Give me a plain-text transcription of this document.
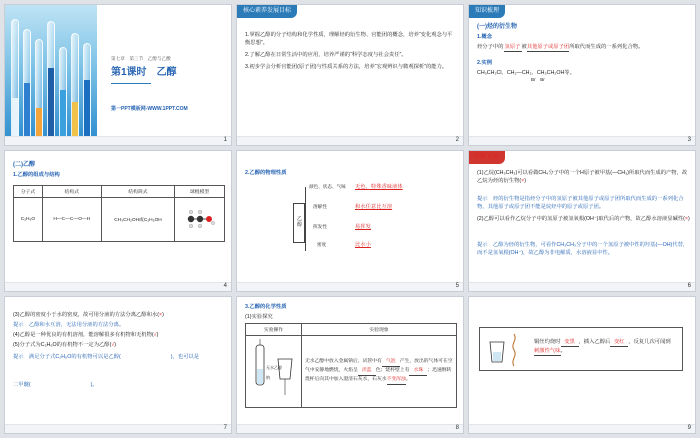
第七章　第三节　乙醇与乙酸
第1课时　乙醇
第一PPT模板网-WWW.1PPT.COM
1
核心素养发展目标
1.掌握乙醇的分子结构和化学性质，理解烃的衍生物、官能团的概念，培养“变化观念与平衡思想”。
2.了解乙醇在日常生活中的应用，培养严谨的“科学态度与社会责任”。
3.初步学会分析官能团(原子团)与性质关系的方法，培养“宏观辨识与微观探析”的能力。
2
知识梳理
(一)烃的衍生物
1.概念
烃分子中的氢原子被其他原子或原子团所取代而生成的一系列化合物。
2.实例
CH₃CH₂Cl、CH₂—CH₂、CH₃CH₂OH等。
Br　Br
3
(二)乙醇
1.乙醇的组成与结构
分子式	结构式	结构简式	球棍模型
C₂H₆O	H—C—C—O—H	CH₃CH₂OH或C₂H₅OH	
4
2.乙醇的物理性质
乙醇
颜色、状态、气味 无色、特殊香味液体
溶解性	和水任意比互溶
挥发性	易挥发
密度	比水小
5
判断正误
(1)乙烷(CH₃CH₃)可以看做CH₄分子中的一个H原子被甲基(—CH₃)所取代而生成的产物，故乙烷为烃的衍生物(×)
提示　烃的衍生物是指烃分子中的氢原子被其他原子或原子团所取代而生成的一系列化合物，其他原子或原子团不能是烷烃中的原子或原子团。
(2)乙醇可以看作乙烷分子中的氢原子被氢氧根(OH⁻)取代后的产物，故乙醇水溶液显碱性(×)
提示　乙醇为烃的衍生物，可看作CH₃CH₃分子中的一个氢原子被中性的羟基(—OH)代替，而不是氢氧根(OH⁻)，故乙醇为非电解质，水溶液显中性。
6
(3)乙醇的密度小于水的密度，故可用分液的方法分离乙醇和水(×)
提示　乙醇和水互溶，无法用分液的方法分离。
(4)乙醇是一种优良的有机溶剂，能溶解很多有机物和无机物(√)
(5)分子式为C₂H₆O的有机物不一定为乙醇(√)
提示　满足分子式C₂H₆O的有机物可以是乙醇(	)，也可以是
二甲醚(	)。
7
3.乙醇的化学性质
(1)实验探究
实验操作	实验现象

无水乙醇
钠	无水乙醇中放入金属钠后，试管中有 气泡 产生，放出的气体可在空气中安静地燃烧，火焰呈 淡蓝 色；烧杯壁上有 水珠 ；迅速倒转烧杯后向其中加入澄清石灰水，石灰水不变浑浊。
8
铜丝灼烧时 变黑 ，插入乙醇后 变红 ，反复几次可闻到刺激性气味。
9
